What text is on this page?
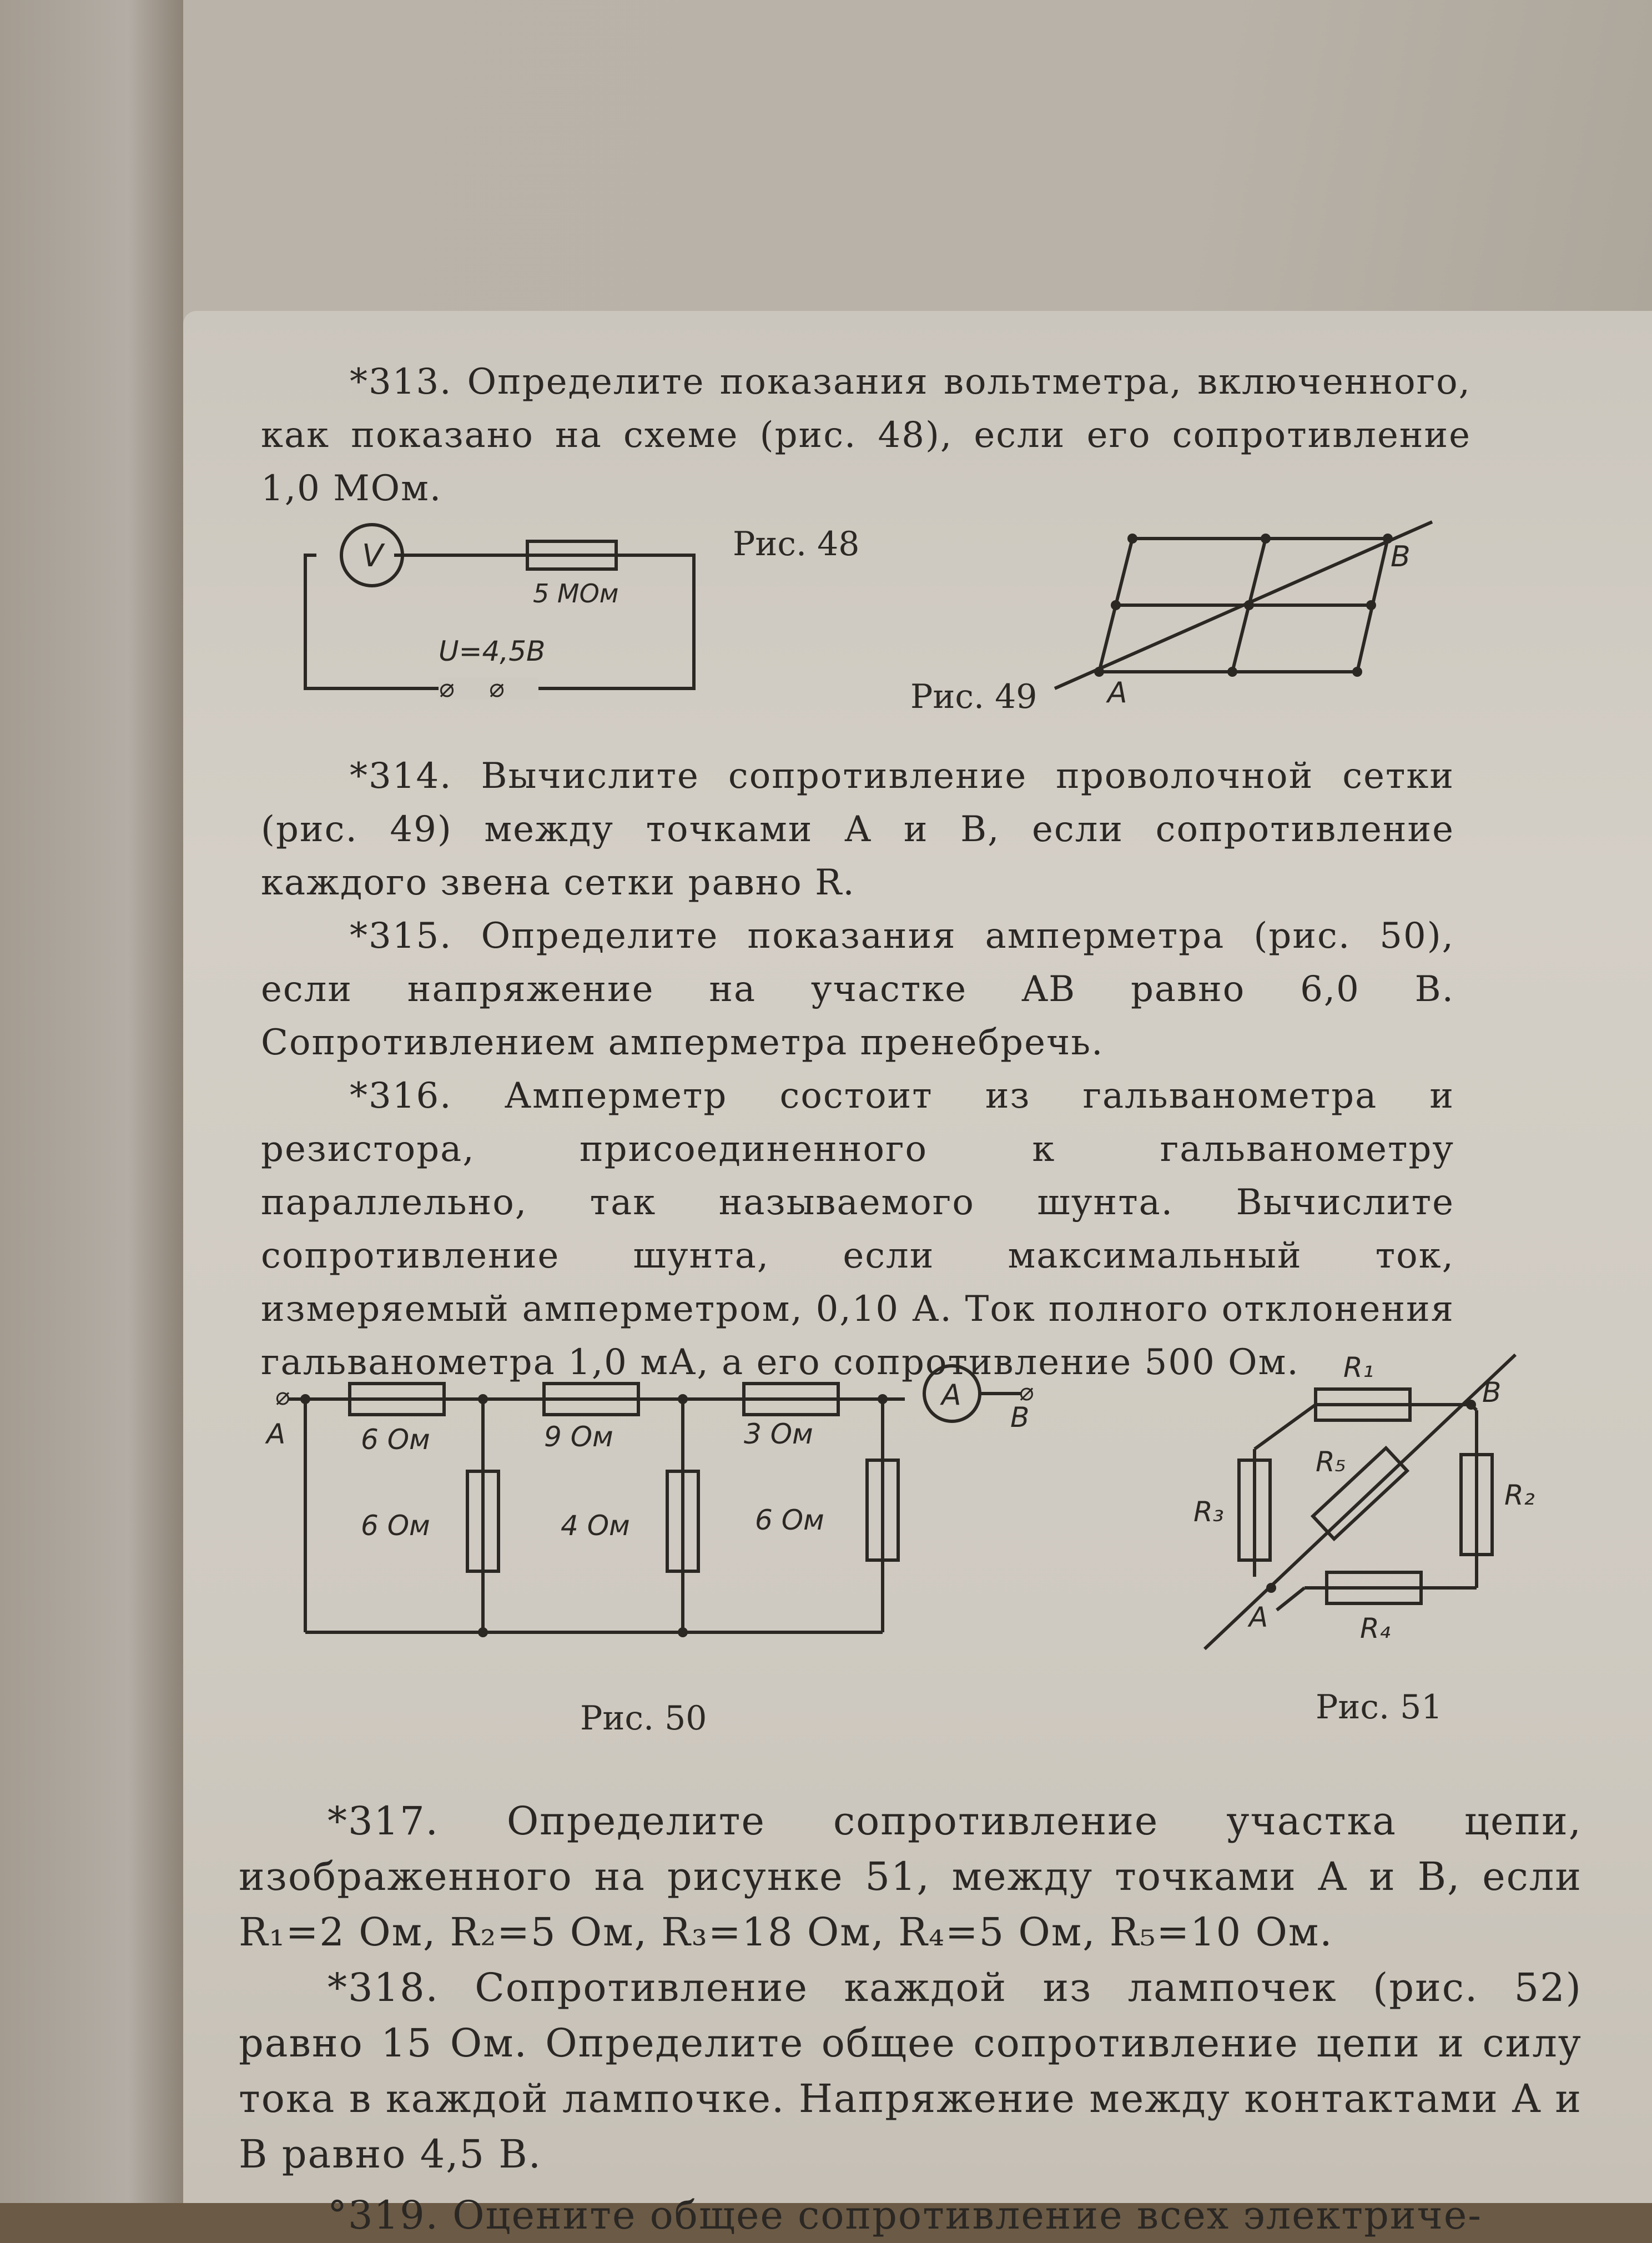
*313. Определите показания вольтметра, включенного, как показано на схеме (рис. 48), если его сопротивление 1,0 МОм.

V
5 МОм
⌀ ⌀
U=4,5В
Рис. 48	B
A
Рис. 49

*314. Вычислите сопротивление проволочной сетки (рис. 49) между точками A и B, если сопротивление каждого звена сетки равно R.

*315. Определите показания амперметра (рис. 50), если напряжение на участке AB равно 6,0 В. Сопротивлением амперметра пренебречь.

*316. Амперметр состоит из гальванометра и резистора, присоединенного к гальванометру параллельно, так называемого шунта. Вычислите сопротивление шунта, если максимальный ток, измеряемый амперметром, 0,10 А. Ток полного отклонения гальванометра 1,0 мА, а его сопротивление 500 Ом.

A
⌀	⌀
A
B
6 Ом	9 Ом	3 Ом
6 Ом	4 Ом	6 Ом
Рис. 50
B
A
R₁
R₂
R₃
R₄
R₅
Рис. 51

*317. Определите сопротивление участка цепи, изображенного на рисунке 51, между точками A и B, если R₁=2 Ом, R₂=5 Ом, R₃=18 Ом, R₄=5 Ом, R₅=10 Ом.

*318. Сопротивление каждой из лампочек (рис. 52) равно 15 Ом. Определите общее сопротивление цепи и силу тока в каждой лампочке. Напряжение между контактами A и B равно 4,5 В.

°319. Оцените общее сопротивление всех электриче-
